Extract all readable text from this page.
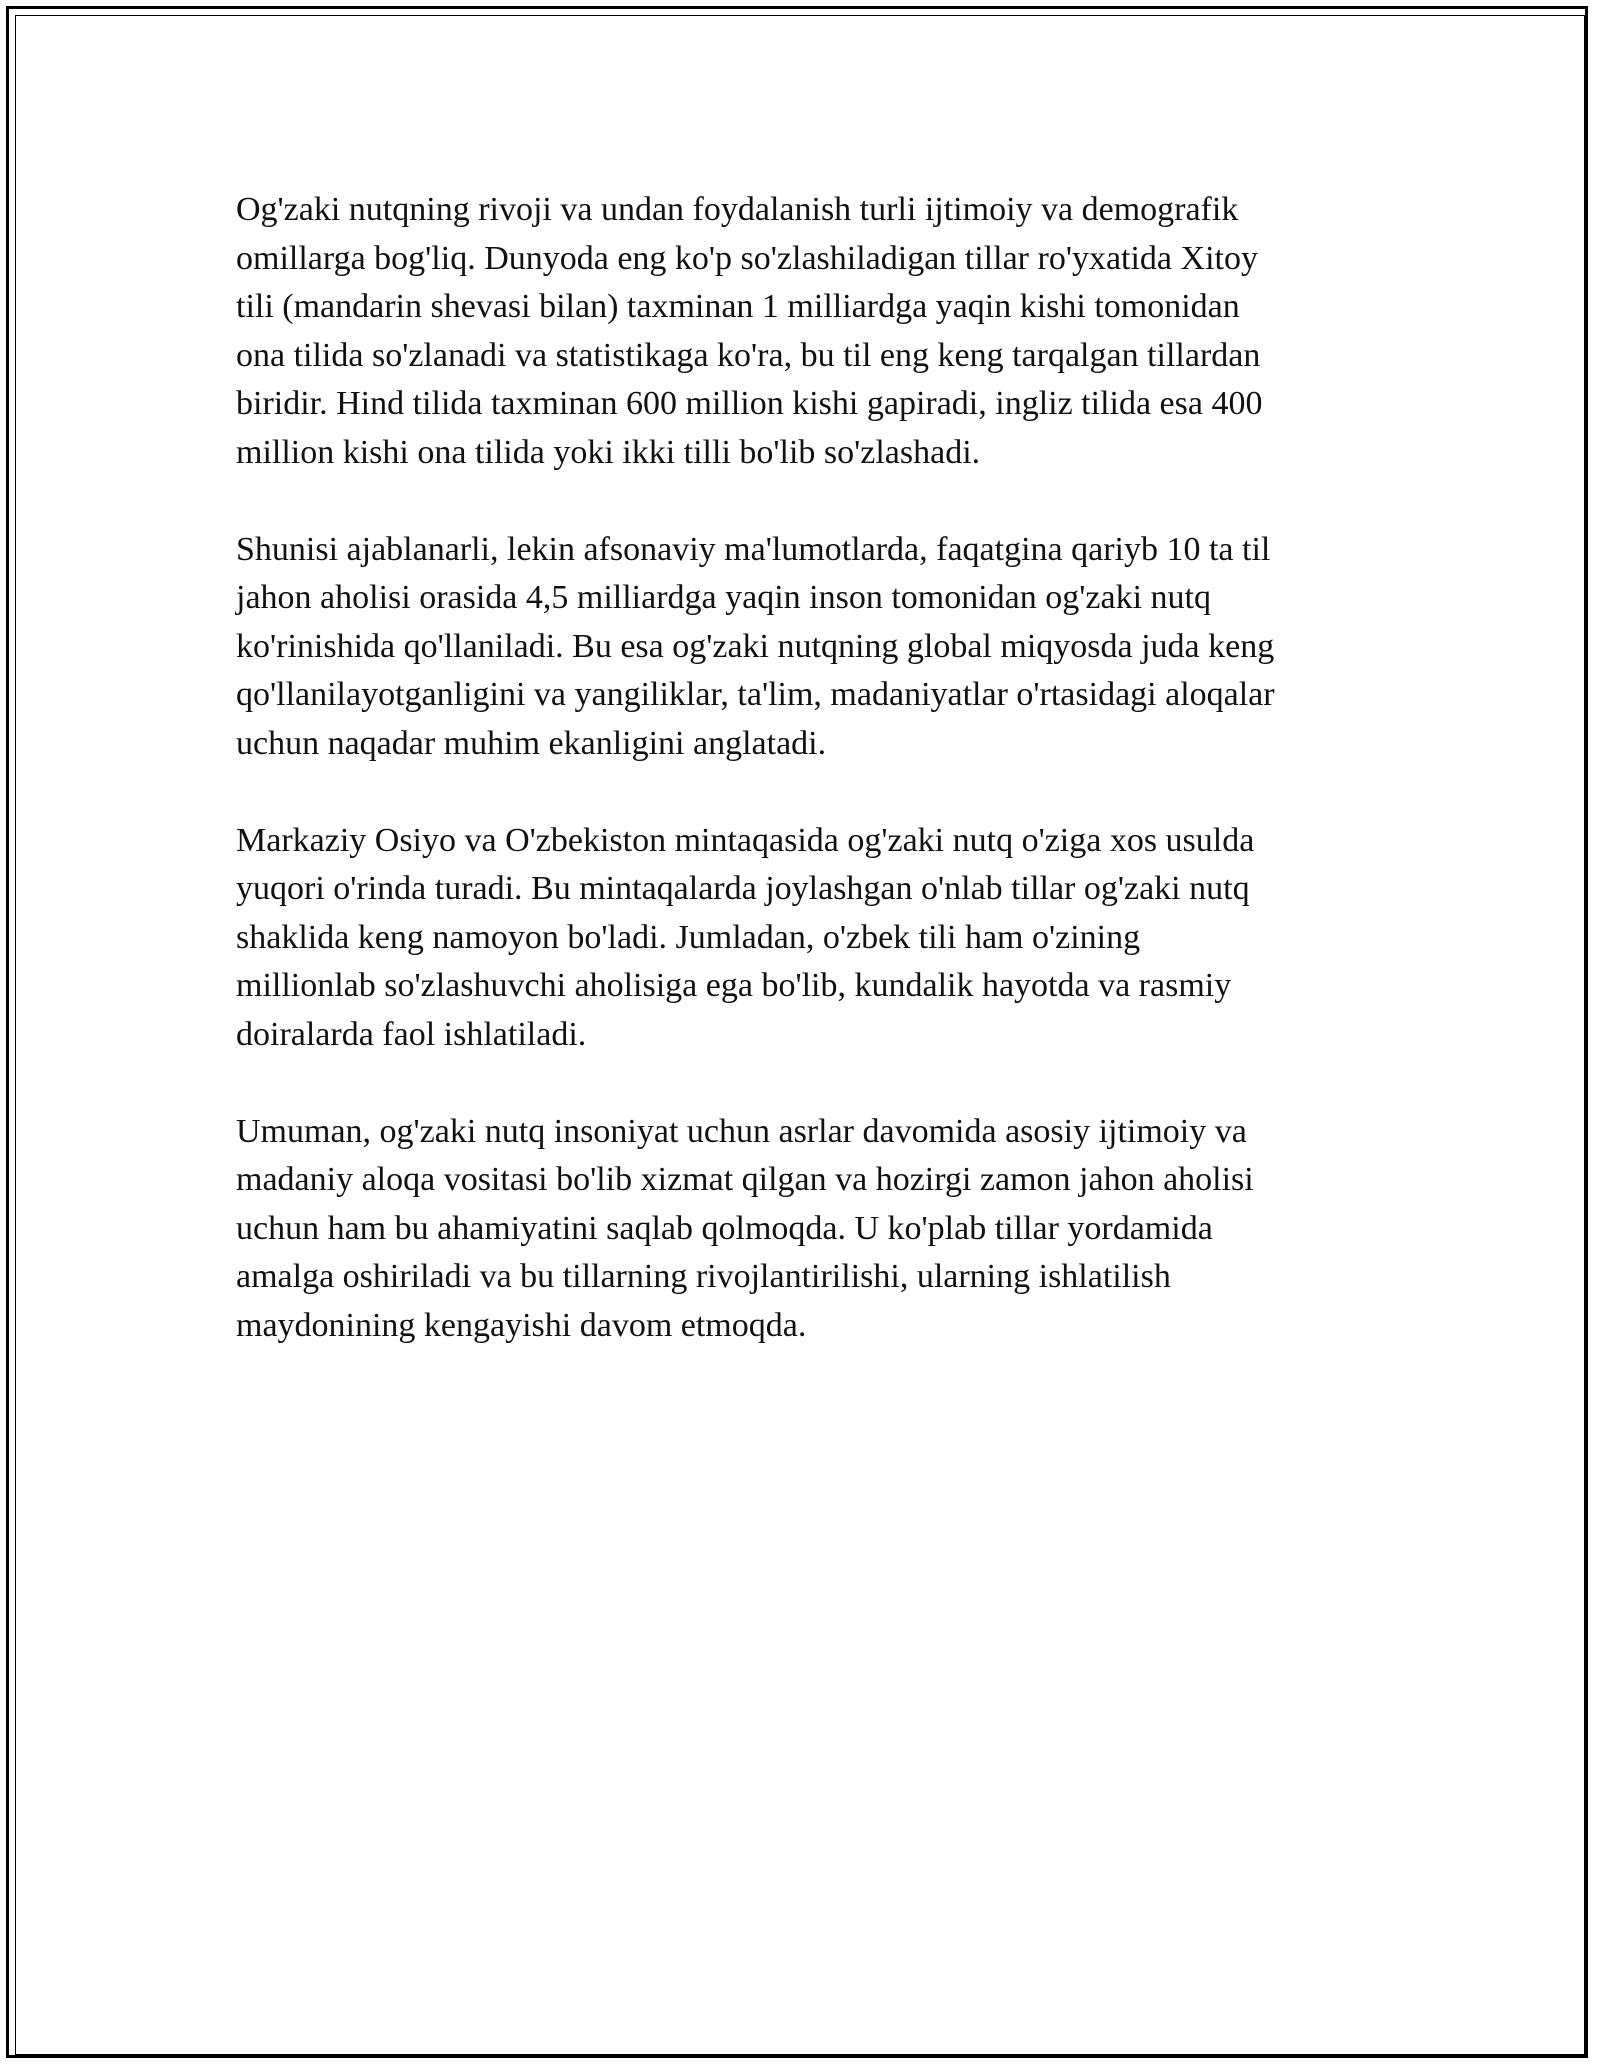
Og'zaki nutqning rivoji va undan foydalanish turli ijtimoiy va demografik
omillarga bog'liq. Dunyoda eng ko'p so'zlashiladigan tillar ro'yxatida Xitoy
tili (mandarin shevasi bilan) taxminan 1 milliardga yaqin kishi tomonidan
ona tilida so'zlanadi va statistikaga ko'ra, bu til eng keng tarqalgan tillardan
biridir. Hind tilida taxminan 600 million kishi gapiradi, ingliz tilida esa 400
million kishi ona tilida yoki ikki tilli bo'lib so'zlashadi.
Shunisi ajablanarli, lekin afsonaviy ma'lumotlarda, faqatgina qariyb 10 ta til
jahon aholisi orasida 4,5 milliardga yaqin inson tomonidan og'zaki nutq
ko'rinishida qo'llaniladi. Bu esa og'zaki nutqning global miqyosda juda keng
qo'llanilayotganligini va yangiliklar, ta'lim, madaniyatlar o'rtasidagi aloqalar
uchun naqadar muhim ekanligini anglatadi.
Markaziy Osiyo va O'zbekiston mintaqasida og'zaki nutq o'ziga xos usulda
yuqori o'rinda turadi. Bu mintaqalarda joylashgan o'nlab tillar og'zaki nutq
shaklida keng namoyon bo'ladi. Jumladan, o'zbek tili ham o'zining
millionlab so'zlashuvchi aholisiga ega bo'lib, kundalik hayotda va rasmiy
doiralarda faol ishlatiladi.
Umuman, og'zaki nutq insoniyat uchun asrlar davomida asosiy ijtimoiy va
madaniy aloqa vositasi bo'lib xizmat qilgan va hozirgi zamon jahon aholisi
uchun ham bu ahamiyatini saqlab qolmoqda. U ko'plab tillar yordamida
amalga oshiriladi va bu tillarning rivojlantirilishi, ularning ishlatilish
maydonining kengayishi davom etmoqda.
